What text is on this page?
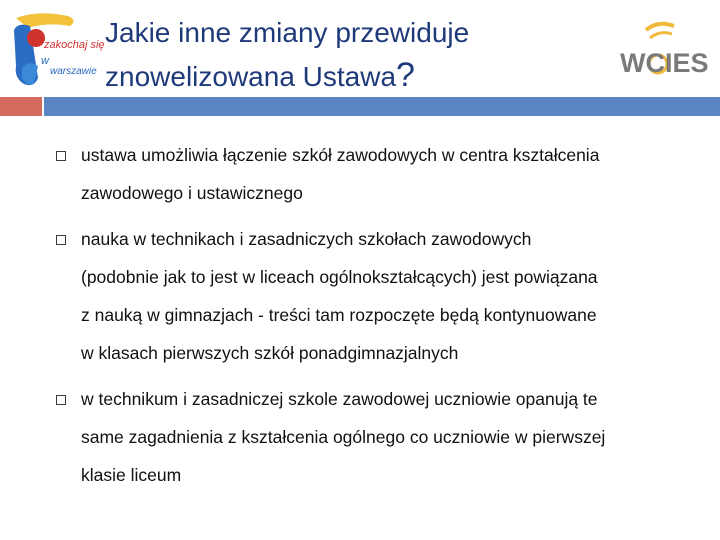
zakochaj się
w
warszawie
Jakie inne zmiany przewiduje
znowelizowana Ustawa?	WCIES
ustawa umożliwia łączenie szkół zawodowych w centra kształcenia
zawodowego i ustawicznego
nauka w technikach i zasadniczych szkołach zawodowych
(podobnie jak to jest w liceach ogólnokształcących) jest powiązana
z nauką w gimnazjach - treści tam rozpoczęte będą kontynuowane
w klasach pierwszych szkół ponadgimnazjalnych
w technikum i zasadniczej szkole zawodowej uczniowie opanują te
same zagadnienia z kształcenia ogólnego co uczniowie w pierwszej
klasie liceum
